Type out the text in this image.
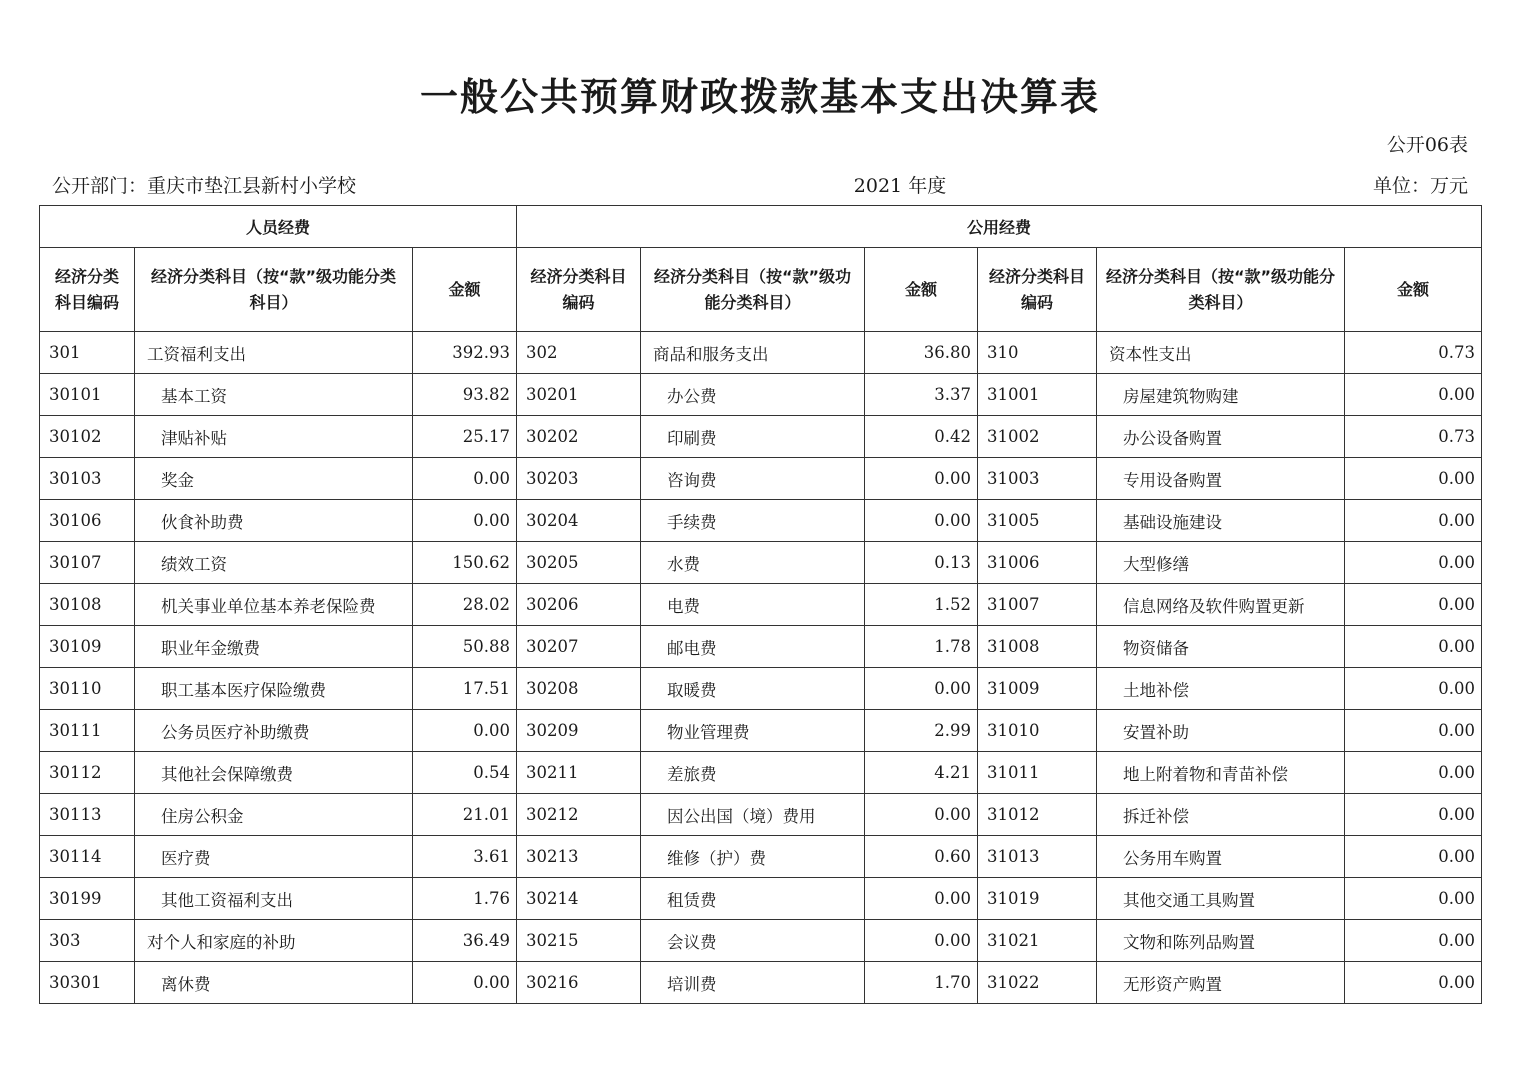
一般公共预算财政拨款基本支出决算表
公开06表
公开部门：重庆市垫江县新村小学校	2021 年度	单位：万元
人员经费			公用经费					
经济分类科目编码	经济分类科目（按“款”级功能分类科目）	金额	经济分类科目编码	经济分类科目（按“款”级功能分类科目）	金额	经济分类科目编码	经济分类科目（按“款”级功能分类科目）	金额
301	工资福利支出	392.93	302	商品和服务支出	36.80	310	资本性支出	0.73
30101	基本工资	93.82	30201	办公费	3.37	31001	房屋建筑物购建	0.00
30102	津贴补贴	25.17	30202	印刷费	0.42	31002	办公设备购置	0.73
30103	奖金	0.00	30203	咨询费	0.00	31003	专用设备购置	0.00
30106	伙食补助费	0.00	30204	手续费	0.00	31005	基础设施建设	0.00
30107	绩效工资	150.62	30205	水费	0.13	31006	大型修缮	0.00
30108	机关事业单位基本养老保险费	28.02	30206	电费	1.52	31007	信息网络及软件购置更新	0.00
30109	职业年金缴费	50.88	30207	邮电费	1.78	31008	物资储备	0.00
30110	职工基本医疗保险缴费	17.51	30208	取暖费	0.00	31009	土地补偿	0.00
30111	公务员医疗补助缴费	0.00	30209	物业管理费	2.99	31010	安置补助	0.00
30112	其他社会保障缴费	0.54	30211	差旅费	4.21	31011	地上附着物和青苗补偿	0.00
30113	住房公积金	21.01	30212	因公出国（境）费用	0.00	31012	拆迁补偿	0.00
30114	医疗费	3.61	30213	维修（护）费	0.60	31013	公务用车购置	0.00
30199	其他工资福利支出	1.76	30214	租赁费	0.00	31019	其他交通工具购置	0.00
303	对个人和家庭的补助	36.49	30215	会议费	0.00	31021	文物和陈列品购置	0.00
30301	离休费	0.00	30216	培训费	1.70	31022	无形资产购置	0.00
